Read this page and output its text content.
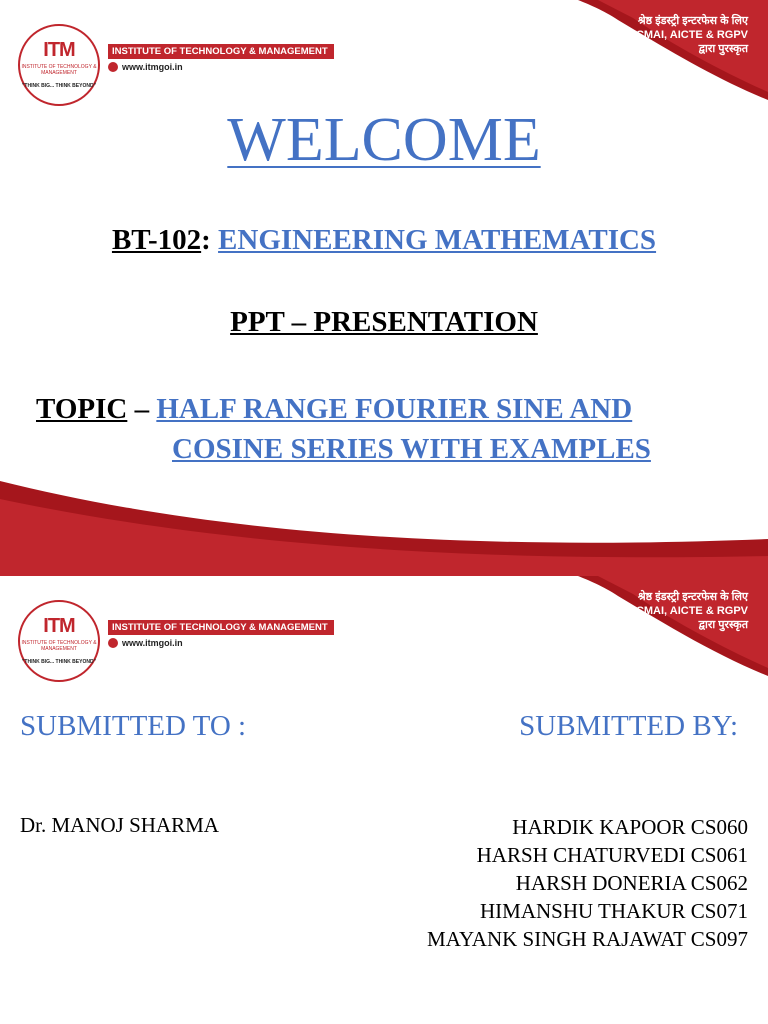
श्रेष्ठ इंडस्ट्री इन्टरफेस के लिए
CMAI, AICTE & RGPV
द्वारा पुरस्कृत
ITM
INSTITUTE OF TECHNOLOGY & MANAGEMENT
"THINK BIG... THINK BEYOND"
INSTITUTE OF TECHNOLOGY & MANAGEMENT
www.itmgoi.in
WELCOME
BT-102: ENGINEERING MATHEMATICS
PPT – PRESENTATION
TOPIC – HALF RANGE FOURIER SINE AND
COSINE SERIES WITH EXAMPLES
श्रेष्ठ इंडस्ट्री इन्टरफेस के लिए
CMAI, AICTE & RGPV
द्वारा पुरस्कृत
ITM
INSTITUTE OF TECHNOLOGY & MANAGEMENT
"THINK BIG... THINK BEYOND"
INSTITUTE OF TECHNOLOGY & MANAGEMENT
www.itmgoi.in
SUBMITTED TO :	SUBMITTED BY:
Dr. MANOJ SHARMA	HARDIK KAPOOR CS060
HARSH CHATURVEDI CS061
HARSH DONERIA CS062
HIMANSHU THAKUR CS071
MAYANK SINGH RAJAWAT CS097
